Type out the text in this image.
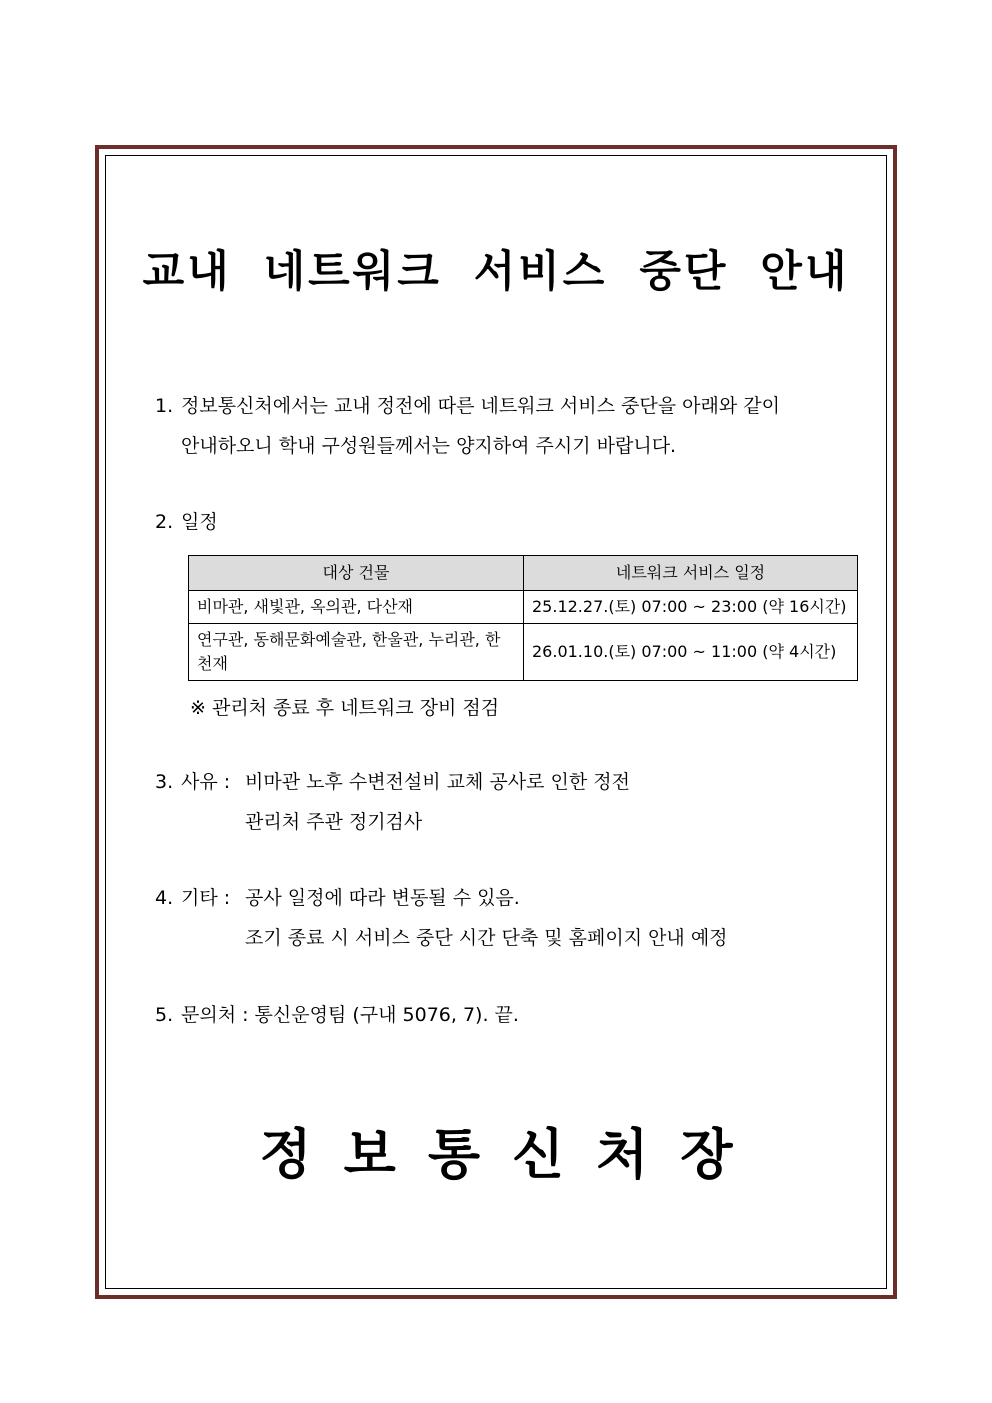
교내 네트워크 서비스 중단 안내
1. 정보통신처에서는 교내 정전에 따른 네트워크 서비스 중단을 아래와 같이
안내하오니 학내 구성원들께서는 양지하여 주시기 바랍니다.
2. 일정
대상 건물	네트워크 서비스 일정
비마관, 새빛관, 옥의관, 다산재	25.12.27.(토) 07:00 ~ 23:00 (약 16시간)
연구관, 동해문화예술관, 한울관, 누리관, 한천재	26.01.10.(토) 07:00 ~ 11:00 (약 4시간)
※ 관리처 종료 후 네트워크 장비 점검
3. 사유 : 비마관 노후 수변전설비 교체 공사로 인한 정전
관리처 주관 정기검사
4. 기타 : 공사 일정에 따라 변동될 수 있음.
조기 종료 시 서비스 중단 시간 단축 및 홈페이지 안내 예정
5. 문의처 : 통신운영팀 (구내 5076, 7). 끝.
정보통신처장
